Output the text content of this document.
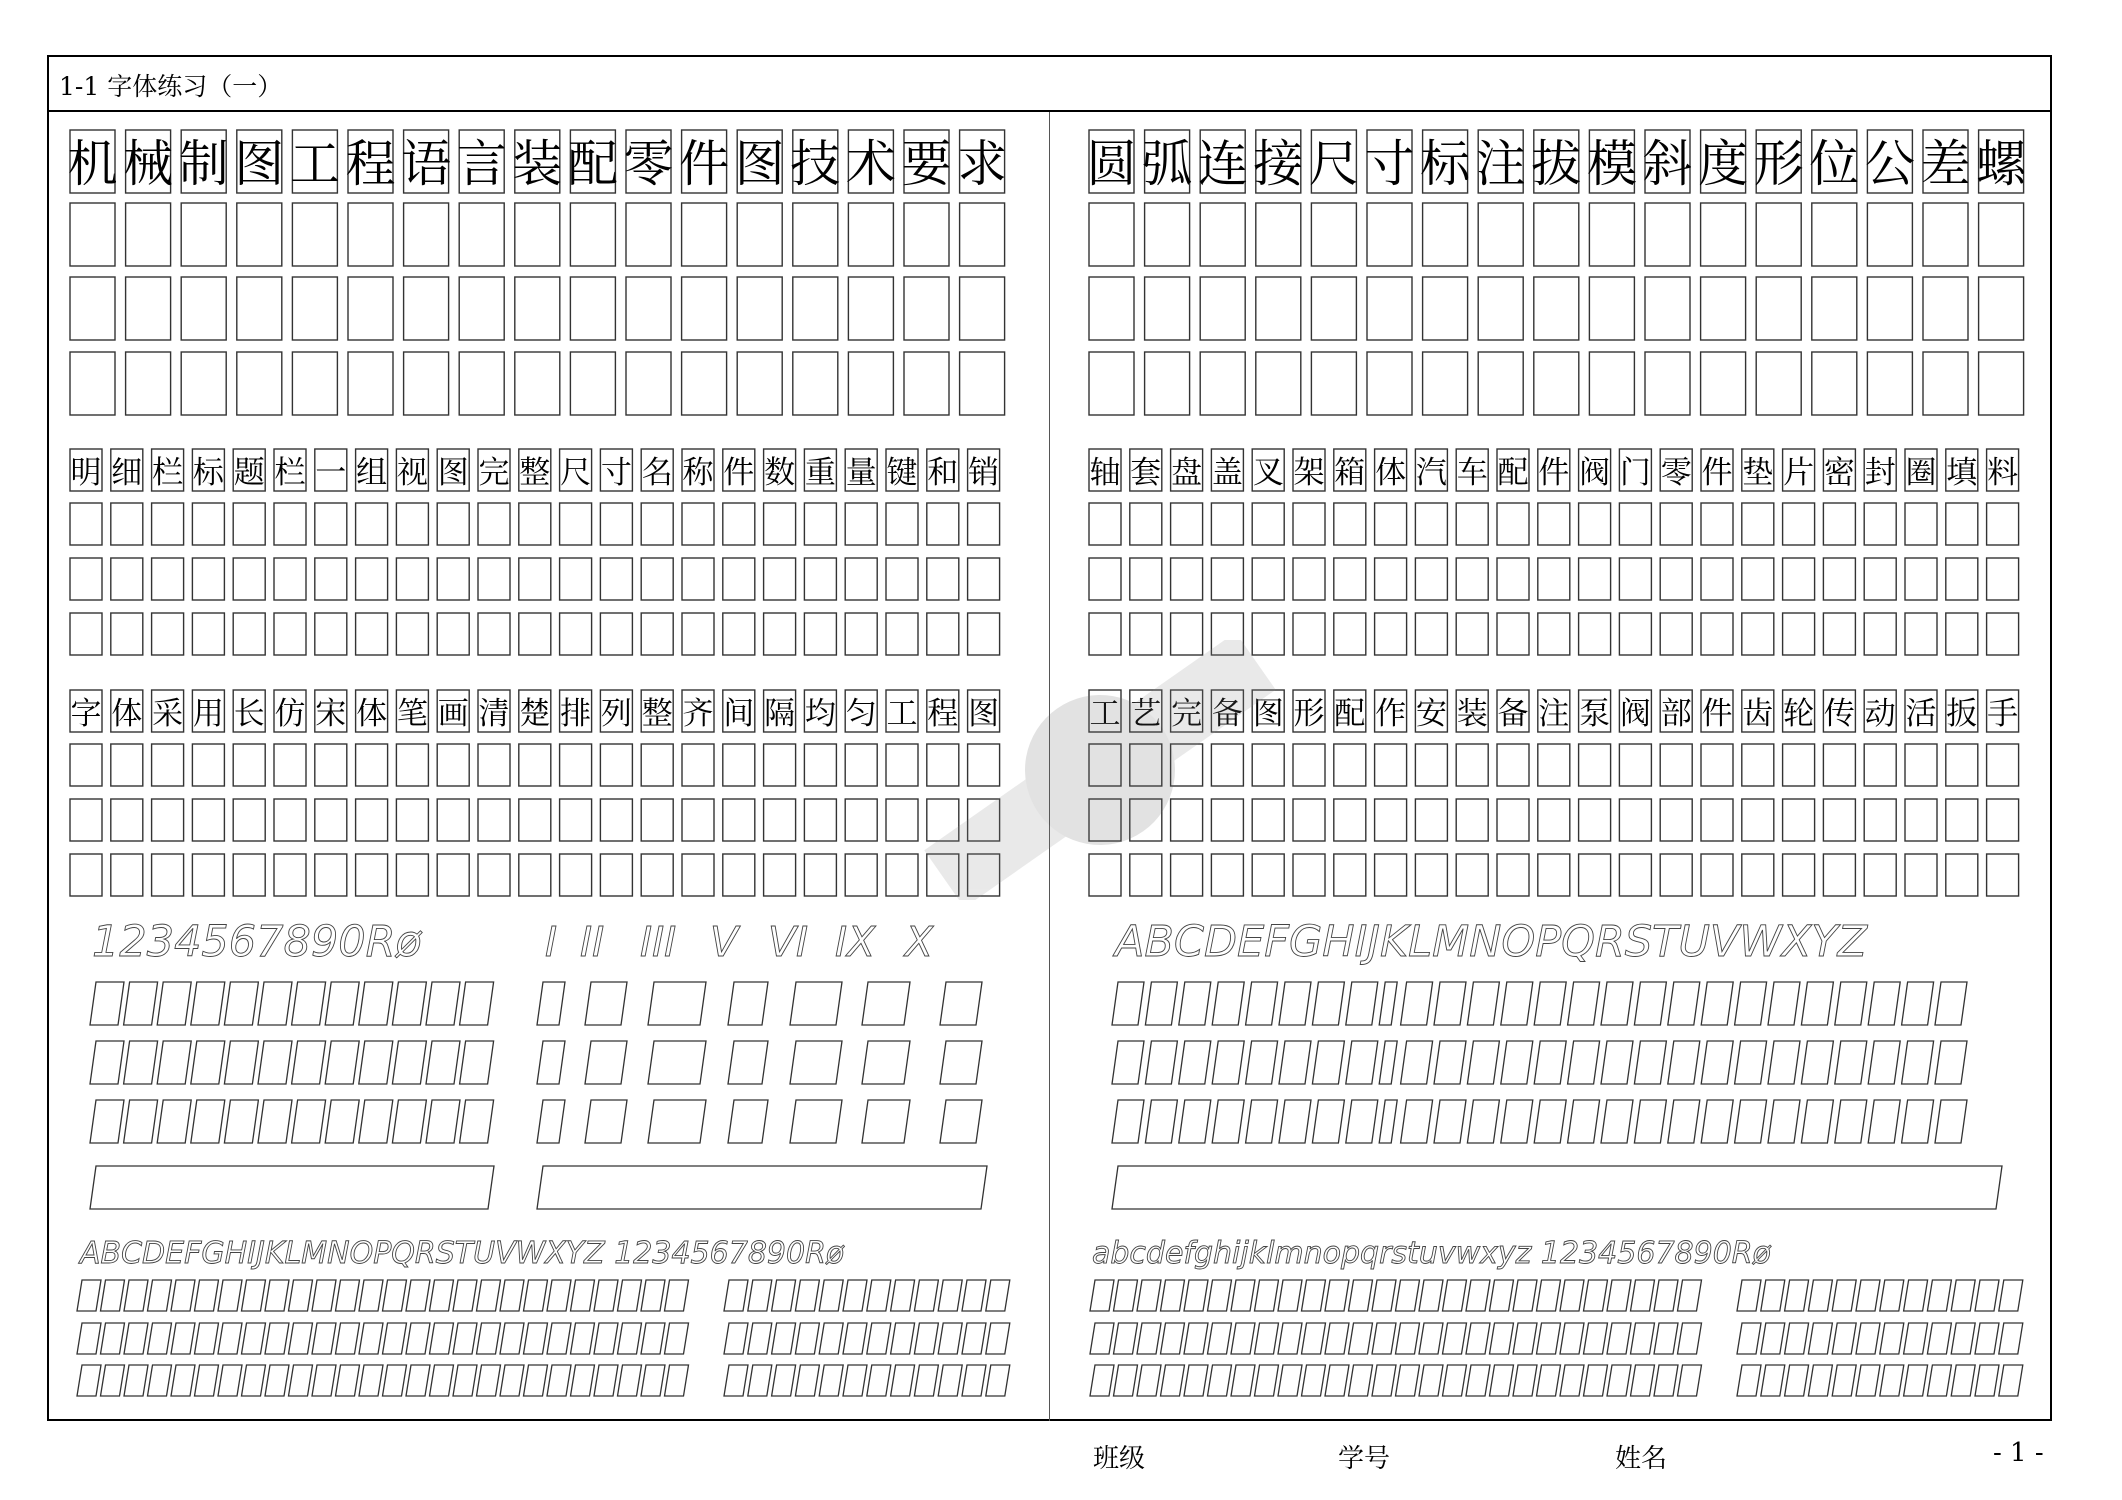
1-1 字体练习（一）
机 械 制 图 工 程 语 言 装 配 零 件 图 技 术 要 求 圆 弧 连 接 尺 寸 标 注 拔 模 斜 度 形 位 公 差 螺
明 细 栏 标 题 栏 一 组 视 图 完 整 尺 寸 名 称 件 数 重 量 键 和 销	轴 套 盘 盖 叉 架 箱 体 汽 车 配 件 阀 门 零 件 垫 片 密 封 圈 填 料
字 体 采 用 长 仿 宋 体 笔 画 清 楚 排 列 整 齐 间 隔 均 匀 工 程 图	工 艺 完 备 图 形 配 作 安 装 备 注 泵 阀 部 件 齿 轮 传 动 活 扳 手
1234567890Rø	I II III V VI IX X	ABCDEFGHIJKLMNOPQRSTUVWXYZ
ABCDEFGHIJKLMNOPQRSTUVWXYZ 1234567890Rø	abcdefghijklmnopqrstuvwxyz 1234567890Rø
班级	学号	姓名	- 1 -
